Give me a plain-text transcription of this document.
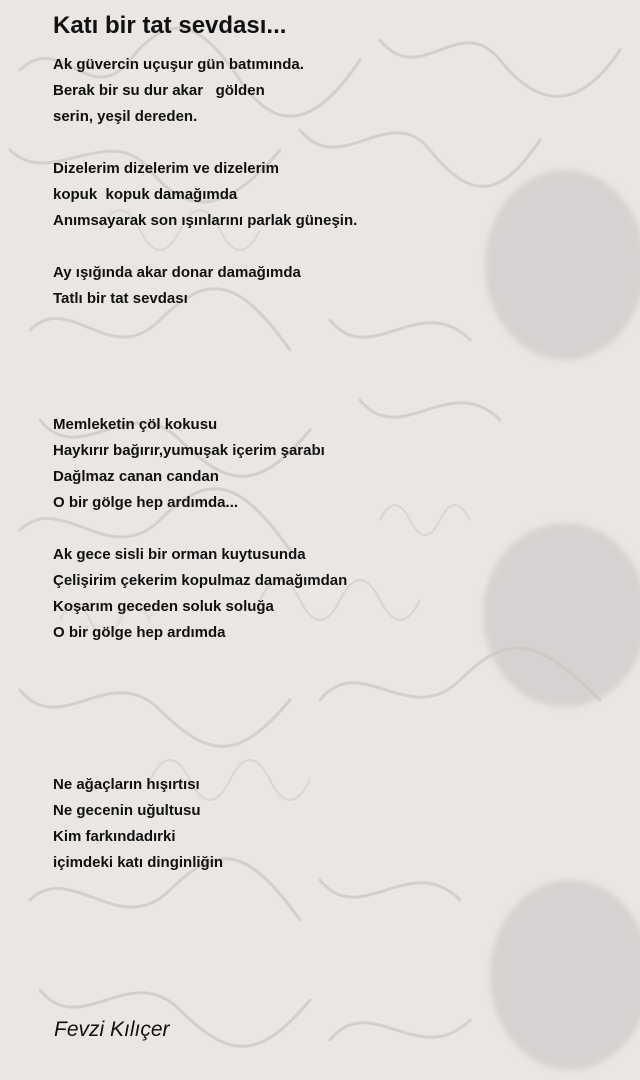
Katı bir tat sevdası...
Ak güvercin uçuşur gün batımında.
Berak bir su dur akar   gölden
serin, yeşil dereden.
Dizelerim dizelerim ve dizelerim
kopuk  kopuk damağımda
Anımsayarak son ışınlarını parlak güneşin.
Ay ışığında akar donar damağımda
Tatlı bir tat sevdası
Memleketin çöl kokusu
Haykırır bağırır,yumuşak içerim şarabı
Dağlmaz canan candan
O bir gölge hep ardımda...
Ak gece sisli bir orman kuytusunda
Çelişirim çekerim kopulmaz damağımdan
Koşarım geceden soluk soluğa
O bir gölge hep ardımda
Ne ağaçların hışırtısı
Ne gecenin uğultusu
Kim farkındadırki
içimdeki katı dinginliğin
Fevzi Kılıçer
